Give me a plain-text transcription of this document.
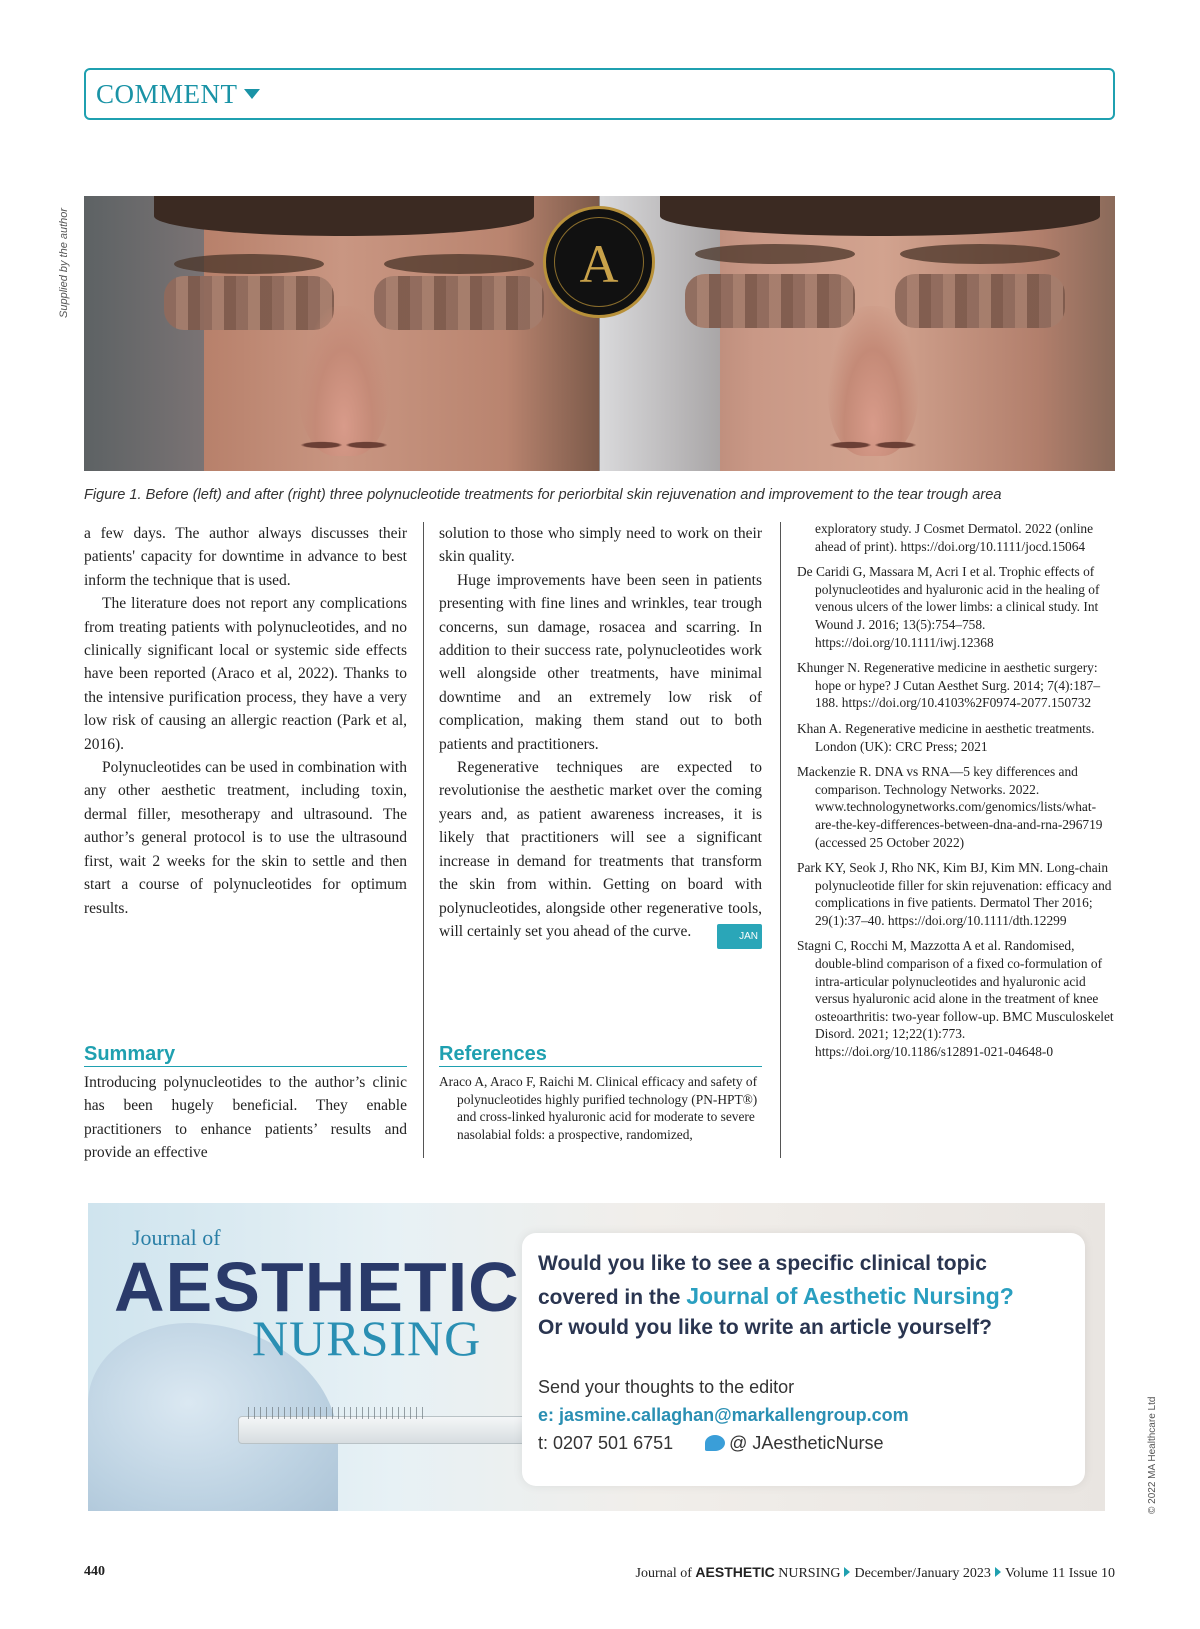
COMMENT
Supplied by the author	A
Figure 1. Before (left) and after (right) three polynucleotide treatments for periorbital skin rejuvenation and improvement to the tear trough area

a few days. The author always discusses their patients' capacity for downtime in advance to best inform the technique that is used.

The literature does not report any complications from treating patients with polynucleotides, and no clinically significant local or systemic side effects have been reported (Araco et al, 2022). Thanks to the intensive purification process, they have a very low risk of causing an allergic reaction (Park et al, 2016).

Polynucleotides can be used in combination with any other aesthetic treatment, including toxin, dermal filler, mesotherapy and ultrasound. The author’s general protocol is to use the ultrasound first, wait 2 weeks for the skin to settle and then start a course of polynucleotides for optimum results.

Summary

Introducing polynucleotides to the author’s clinic has been hugely beneficial. They enable practitioners to enhance patients’ results and provide an effective

solution to those who simply need to work on their skin quality.

Huge improvements have been seen in patients presenting with fine lines and wrinkles, tear trough concerns, sun damage, rosacea and scarring. In addition to their success rate, polynucleotides work well alongside other treatments, have minimal downtime and an extremely low risk of complication, making them stand out to both patients and practitioners.

Regenerative techniques are expected to revolutionise the aesthetic market over the coming years and, as patient awareness increases, it is likely that practitioners will see a significant increase in demand for treatments that transform the skin from within. Getting on board with polynucleotides, alongside other regenerative tools, will certainly set you ahead of the curve.	JAN

References

Araco A, Araco F, Raichi M. Clinical efficacy and safety of polynucleotides highly purified technology (PN-HPT®) and cross-linked hyaluronic acid for moderate to severe nasolabial folds: a prospective, randomized,

exploratory study. J Cosmet Dermatol. 2022 (online ahead of print). https://doi.org/10.1111/jocd.15064

De Caridi G, Massara M, Acri I et al. Trophic effects of polynucleotides and hyaluronic acid in the healing of venous ulcers of the lower limbs: a clinical study. Int Wound J. 2016; 13(5):754–758. https://doi.org/10.1111/iwj.12368

Khunger N. Regenerative medicine in aesthetic surgery: hope or hype? J Cutan Aesthet Surg. 2014; 7(4):187–188. https://doi.org/10.4103%2F0974-2077.150732

Khan A. Regenerative medicine in aesthetic treatments. London (UK): CRC Press; 2021

Mackenzie R. DNA vs RNA—5 key differences and comparison. Technology Networks. 2022. www.technologynetworks.com/genomics/lists/what-are-the-key-differences-between-dna-and-rna-296719 (accessed 25 October 2022)

Park KY, Seok J, Rho NK, Kim BJ, Kim MN. Long-chain polynucleotide filler for skin rejuvenation: efficacy and complications in five patients. Dermatol Ther 2016; 29(1):37–40. https://doi.org/10.1111/dth.12299

Stagni C, Rocchi M, Mazzotta A et al. Randomised, double-blind comparison of a fixed co-formulation of intra-articular polynucleotides and hyaluronic acid versus hyaluronic acid alone in the treatment of knee osteoarthritis: two-year follow-up. BMC Musculoskelet Disord. 2021; 12;22(1):773. https://doi.org/10.1186/s12891-021-04648-0

Journal of
AESTHETIC
NURSING
Would you like to see a specific clinical topic
covered in the Journal of Aesthetic Nursing?
Or would you like to write an article yourself?
Send your thoughts to the editor
e: jasmine.callaghan@markallengroup.com
t: 0207 501 6751	@ JAestheticNurse	© 2022 MA Healthcare Ltd
440	Journal of AESTHETIC NURSING December/January 2023 Volume 11 Issue 10
